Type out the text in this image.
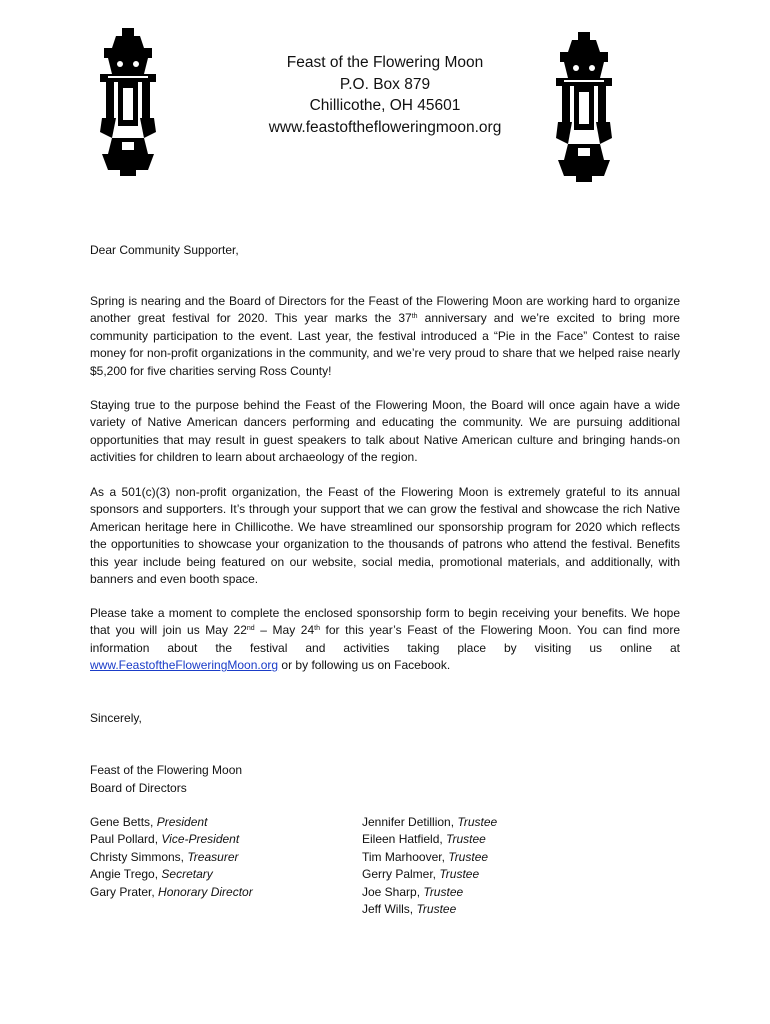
Feast of the Flowering Moon
P.O. Box 879
Chillicothe, OH 45601
www.feastofthefloweringmoon.org
Dear Community Supporter,

Spring is nearing and the Board of Directors for the Feast of the Flowering Moon are working hard to organize another great festival for 2020. This year marks the 37th anniversary and we’re excited to bring more community participation to the event. Last year, the festival introduced a “Pie in the Face” Contest to raise money for non-profit organizations in the community, and we’re very proud to share that we helped raise nearly $5,200 for five charities serving Ross County!

Staying true to the purpose behind the Feast of the Flowering Moon, the Board will once again have a wide variety of Native American dancers performing and educating the community. We are pursuing additional opportunities that may result in guest speakers to talk about Native American culture and bringing hands-on activities for children to learn about archaeology of the region.

As a 501(c)(3) non-profit organization, the Feast of the Flowering Moon is extremely grateful to its annual sponsors and supporters. It’s through your support that we can grow the festival and showcase the rich Native American heritage here in Chillicothe. We have streamlined our sponsorship program for 2020 which reflects the opportunities to showcase your organization to the thousands of patrons who attend the festival. Benefits this year include being featured on our website, social media, promotional materials, and additionally, with banners and even booth space.

Please take a moment to complete the enclosed sponsorship form to begin receiving your benefits. We hope that you will join us May 22nd – May 24th for this year’s Feast of the Flowering Moon. You can find more information about the festival and activities taking place by visiting us online at www.FeastoftheFloweringMoon.org or by following us on Facebook.

Sincerely,
Feast of the Flowering Moon
Board of Directors
Gene Betts, President
Paul Pollard, Vice-President
Christy Simmons, Treasurer
Angie Trego, Secretary
Gary Prater, Honorary Director
Jennifer Detillion, Trustee
Eileen Hatfield, Trustee
Tim Marhoover, Trustee
Gerry Palmer, Trustee
Joe Sharp, Trustee
Jeff Wills, Trustee
